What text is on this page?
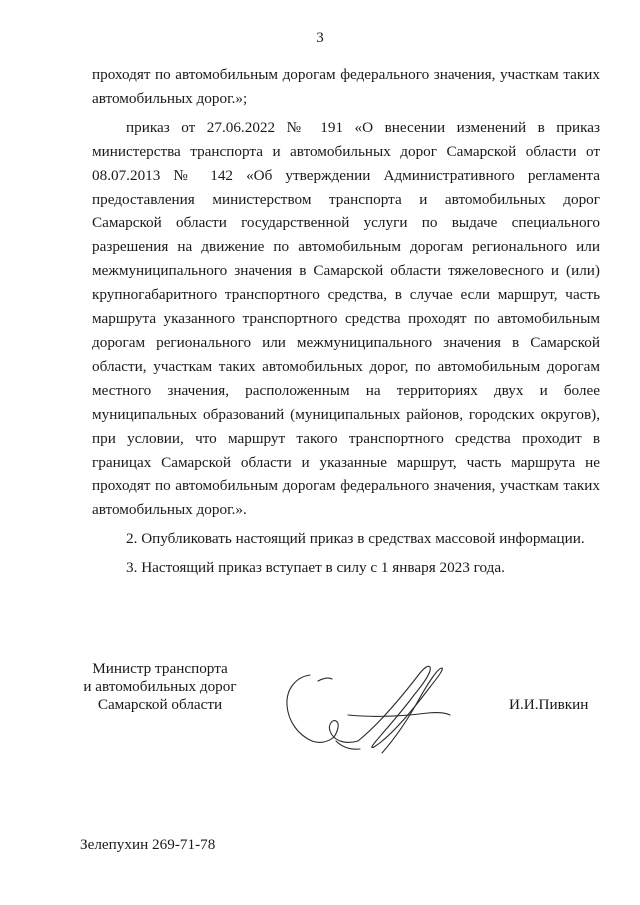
3

проходят по автомобильным дорогам федерального значения, участкам таких
автомобильных дорог.»;

приказ от 27.06.2022 № 191 «О внесении изменений в приказ
министерства транспорта и автомобильных дорог Самарской области от
08.07.2013 № 142 «Об утверждении Административного регламента
предоставления министерством транспорта и автомобильных дорог
Самарской области государственной услуги по выдаче специального
разрешения на движение по автомобильным дорогам регионального или
межмуниципального значения в Самарской области тяжеловесного и (или)
крупногабаритного транспортного средства, в случае если маршрут, часть
маршрута указанного транспортного средства проходят по автомобильным
дорогам регионального или межмуниципального значения в Самарской
области, участкам таких автомобильных дорог, по автомобильным дорогам
местного значения, расположенным на территориях двух и более
муниципальных образований (муниципальных районов, городских округов),
при условии, что маршрут такого транспортного средства проходит в
границах Самарской области и указанные маршрут, часть маршрута не
проходят по автомобильным дорогам федерального значения, участкам таких
автомобильных дорог.».

2. Опубликовать настоящий приказ в средствах массовой информации.

3. Настоящий приказ вступает в силу с 1 января 2023 года.

Министр транспорта
и автомобильных дорог
Самарской области	И.И.Пивкин
Зелепухин 269-71-78
